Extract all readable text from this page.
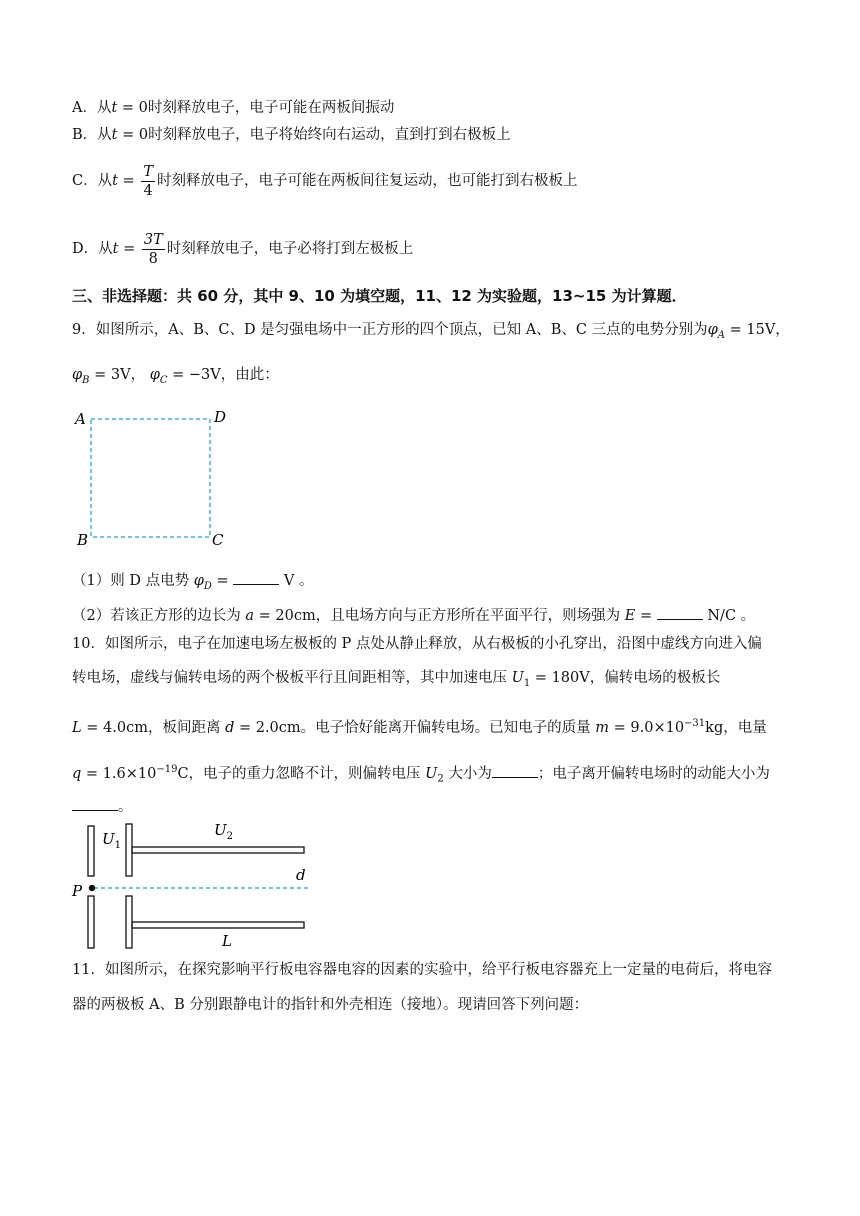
A．从t = 0时刻释放电子，电子可能在两板间振动
B．从t = 0时刻释放电子，电子将始终向右运动，直到打到右极板上
C．从$t = \frac{T}{4}$ 时刻释放电子，电子可能在两板间往复运动，也可能打到右极板上
D．从$t = \frac{3T}{8}$ 时刻释放电子，电子必将打到左极板上
三、非选择题：共 60 分，其中 9、10 为填空题，11、12 为实验题，13~15 为计算题．
9．如图所示，A、B、C、D 是匀强电场中一正方形的四个顶点，已知 A、B、C 三点的电势分别为$\varphi_A = 15V$，
$\varphi_B = 3V$， $\varphi_C = -3V$，由此：
A	D
B	C
（1）则 D 点电势 $\varphi_D$ =	V 。
（2）若该正方形的边长为 a = 20cm，且电场方向与正方形所在平面平行，则场强为 E =	N/C 。
10．如图所示，电子在加速电场左极板的 P 点处从静止释放，从右极板的小孔穿出，沿图中虚线方向进入偏
转电场，虚线与偏转电场的两个极板平行且间距相等，其中加速电压 $U_1 = 180V$，偏转电场的极板长
L = 4.0cm，板间距离 d = 2.0cm。电子恰好能离开偏转电场。已知电子的质量 $m = 9.0\times 10^{-31}kg$，电量
$q = 1.6\times 10^{-19}C$，电子的重力忽略不计，则偏转电压 $U_2$ 大小为	；电子离开偏转电场时的动能大小为
。
$U_1$
$U_2$
P
d
L
11．如图所示，在探究影响平行板电容器电容的因素的实验中，给平行板电容器充上一定量的电荷后，将电容
器的两极板 A、B 分别跟静电计的指针和外壳相连（接地）。现请回答下列问题：
